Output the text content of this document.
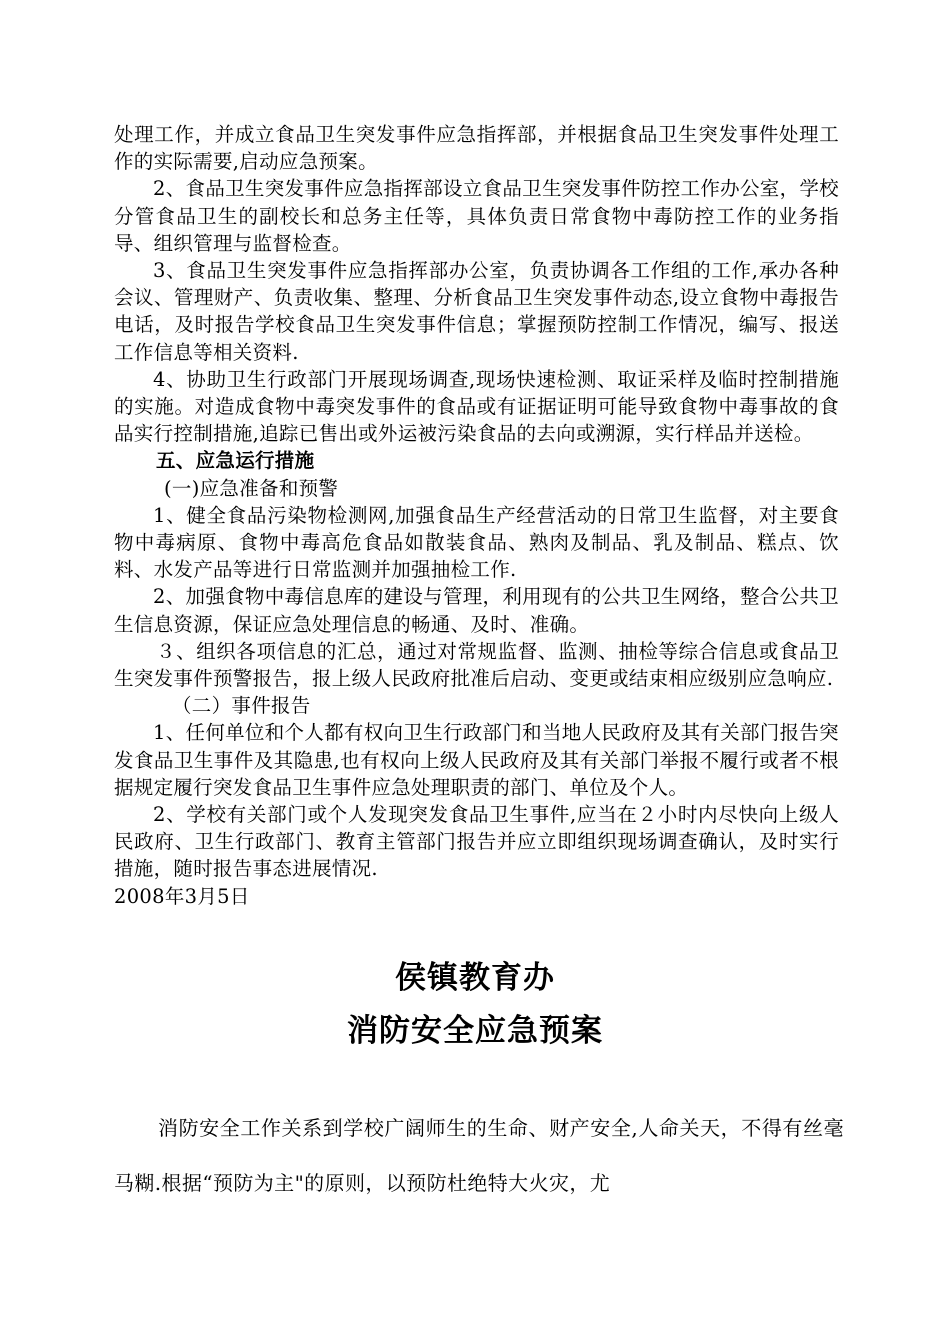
处理工作，并成立食品卫生突发事件应急指挥部，并根据食品卫生突发事件处理工作的实际需要,启动应急预案。

2、食品卫生突发事件应急指挥部设立食品卫生突发事件防控工作办公室，学校分管食品卫生的副校长和总务主任等，具体负责日常食物中毒防控工作的业务指导、组织管理与监督检查。

3、食品卫生突发事件应急指挥部办公室，负责协调各工作组的工作,承办各种会议、管理财产、负责收集、整理、分析食品卫生突发事件动态,设立食物中毒报告电话，及时报告学校食品卫生突发事件信息；掌握预防控制工作情况，编写、报送工作信息等相关资料.

4、协助卫生行政部门开展现场调查,现场快速检测、取证采样及临时控制措施的实施。对造成食物中毒突发事件的食品或有证据证明可能导致食物中毒事故的食品实行控制措施,追踪已售出或外运被污染食品的去向或溯源，实行样品并送检。

五、应急运行措施

(一)应急准备和预警

1、健全食品污染物检测网,加强食品生产经营活动的日常卫生监督，对主要食物中毒病原、食物中毒高危食品如散装食品、熟肉及制品、乳及制品、糕点、饮料、水发产品等进行日常监测并加强抽检工作.

2、加强食物中毒信息库的建设与管理，利用现有的公共卫生网络，整合公共卫生信息资源，保证应急处理信息的畅通、及时、准确。

３、组织各项信息的汇总，通过对常规监督、监测、抽检等综合信息或食品卫生突发事件预警报告，报上级人民政府批准后启动、变更或结束相应级别应急响应.

（二）事件报告

1、任何单位和个人都有权向卫生行政部门和当地人民政府及其有关部门报告突发食品卫生事件及其隐患,也有权向上级人民政府及其有关部门举报不履行或者不根据规定履行突发食品卫生事件应急处理职责的部门、单位及个人。

2、学校有关部门或个人发现突发食品卫生事件,应当在２小时内尽快向上级人民政府、卫生行政部门、教育主管部门报告并应立即组织现场调查确认，及时实行措施，随时报告事态进展情况.

2008年3月5日

侯镇教育办
消防安全应急预案

消防安全工作关系到学校广阔师生的生命、财产安全,人命关天，不得有丝毫马糊.根据“预防为主"的原则，以预防杜绝特大火灾，尤
